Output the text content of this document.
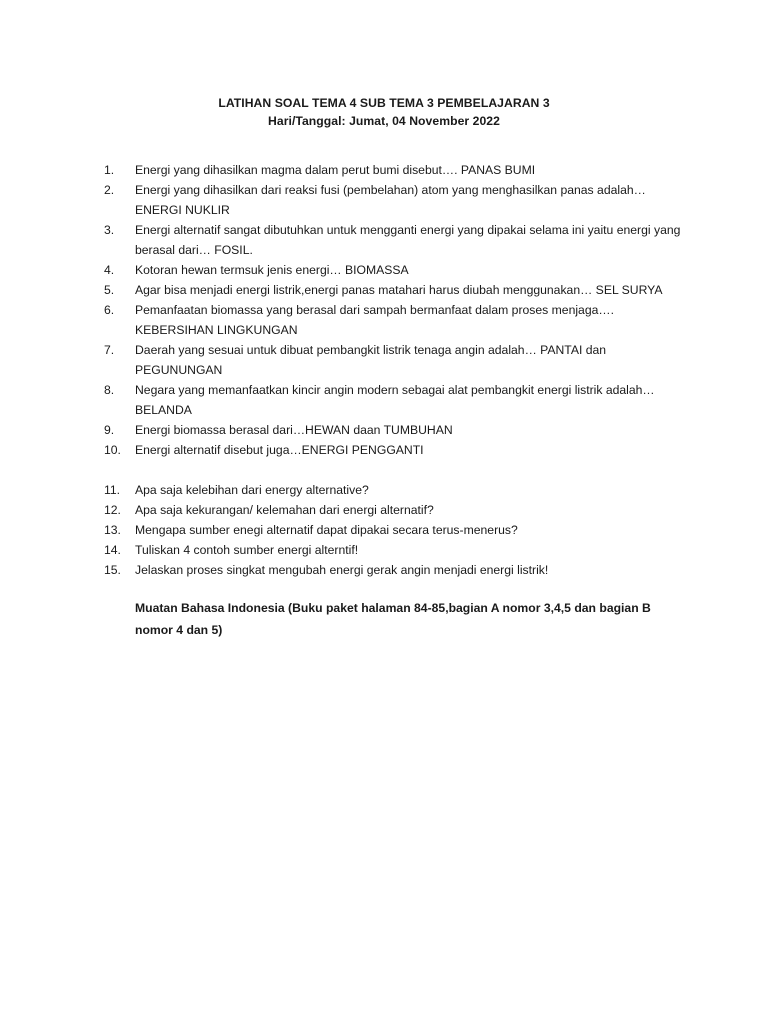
LATIHAN SOAL TEMA 4 SUB TEMA 3 PEMBELAJARAN 3
Hari/Tanggal: Jumat, 04 November 2022
1.	Energi yang dihasilkan magma dalam perut bumi disebut…. PANAS BUMI
2.	Energi yang dihasilkan dari reaksi fusi (pembelahan) atom yang menghasilkan panas adalah… ENERGI NUKLIR
3.	Energi alternatif sangat dibutuhkan untuk mengganti energi yang dipakai selama ini yaitu energi yang berasal dari… FOSIL.
4.	Kotoran hewan termsuk jenis energi… BIOMASSA
5.	Agar bisa menjadi energi listrik,energi panas matahari harus diubah menggunakan… SEL SURYA
6.	Pemanfaatan biomassa yang berasal dari sampah bermanfaat dalam proses menjaga…. KEBERSIHAN LINGKUNGAN
7.	Daerah yang sesuai untuk dibuat pembangkit listrik tenaga angin adalah… PANTAI dan PEGUNUNGAN
8.	Negara yang memanfaatkan kincir angin modern sebagai alat pembangkit energi listrik adalah… BELANDA
9.	Energi biomassa berasal dari…HEWAN daan TUMBUHAN
10.	Energi alternatif disebut juga…ENERGI PENGGANTI
11.	Apa saja kelebihan dari energy alternative?
12.	Apa saja kekurangan/ kelemahan dari energi alternatif?
13.	Mengapa sumber enegi alternatif dapat dipakai secara terus-menerus?
14.	Tuliskan 4 contoh sumber energi alterntif!
15.	Jelaskan proses singkat mengubah energi gerak angin menjadi energi listrik!
Muatan Bahasa Indonesia (Buku paket halaman 84-85,bagian A nomor 3,4,5 dan bagian B nomor 4 dan 5)
